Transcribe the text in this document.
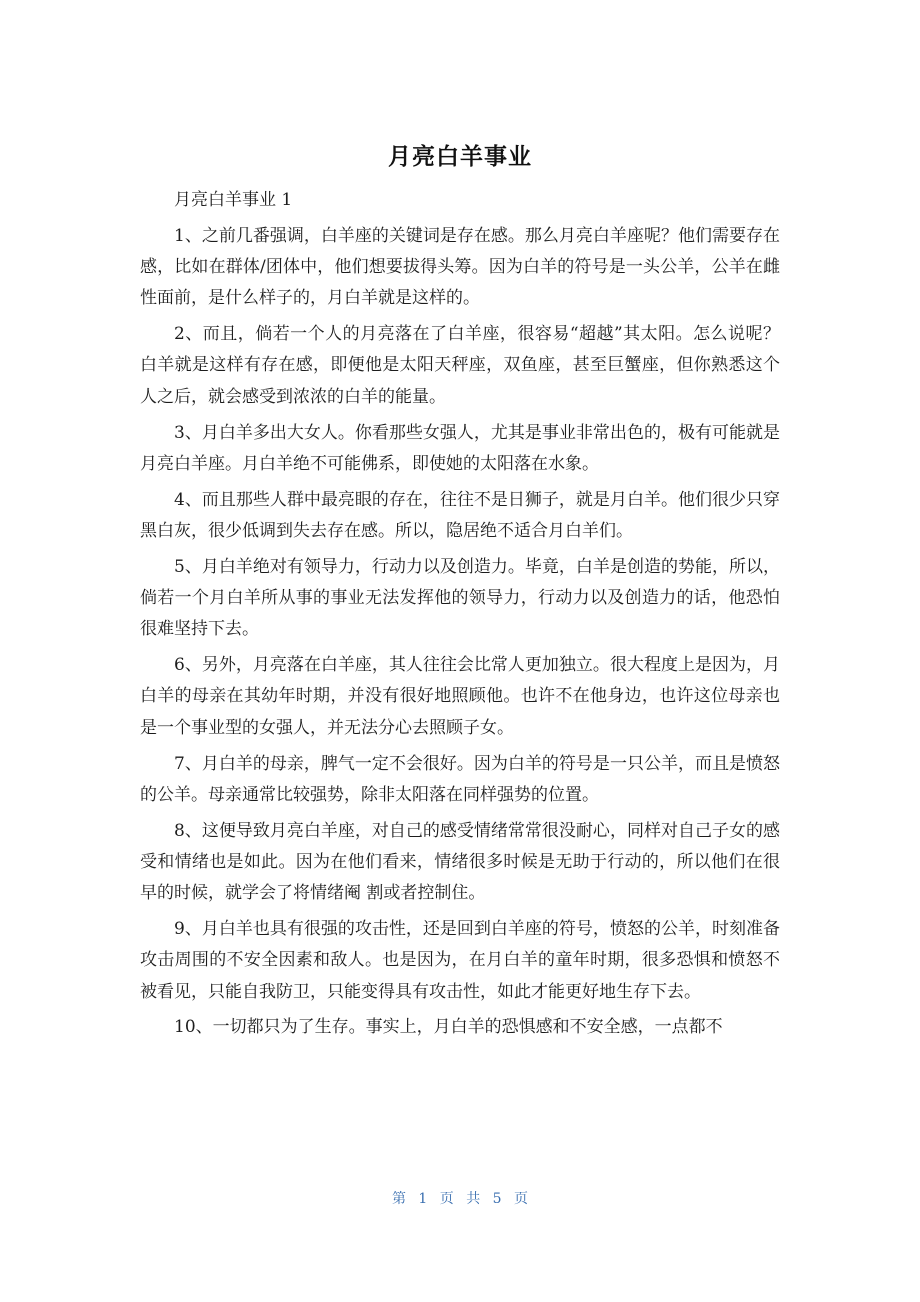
月亮白羊事业

月亮白羊事业 1

1、之前几番强调，白羊座的关键词是存在感。那么月亮白羊座呢？他们需要存在感，比如在群体/团体中，他们想要拔得头筹。因为白羊的符号是一头公羊，公羊在雌性面前，是什么样子的，月白羊就是这样的。

2、而且，倘若一个人的月亮落在了白羊座，很容易“超越”其太阳。怎么说呢？白羊就是这样有存在感，即便他是太阳天秤座，双鱼座，甚至巨蟹座，但你熟悉这个人之后，就会感受到浓浓的白羊的能量。

3、月白羊多出大女人。你看那些女强人，尤其是事业非常出色的，极有可能就是月亮白羊座。月白羊绝不可能佛系，即使她的太阳落在水象。

4、而且那些人群中最亮眼的存在，往往不是日狮子，就是月白羊。他们很少只穿黑白灰，很少低调到失去存在感。所以，隐居绝不适合月白羊们。

5、月白羊绝对有领导力，行动力以及创造力。毕竟，白羊是创造的势能，所以，倘若一个月白羊所从事的事业无法发挥他的领导力，行动力以及创造力的话，他恐怕很难坚持下去。

6、另外，月亮落在白羊座，其人往往会比常人更加独立。很大程度上是因为，月白羊的母亲在其幼年时期，并没有很好地照顾他。也许不在他身边，也许这位母亲也是一个事业型的女强人，并无法分心去照顾子女。

7、月白羊的母亲，脾气一定不会很好。因为白羊的符号是一只公羊，而且是愤怒的公羊。母亲通常比较强势，除非太阳落在同样强势的位置。

8、这便导致月亮白羊座，对自己的感受情绪常常很没耐心，同样对自己子女的感受和情绪也是如此。因为在他们看来，情绪很多时候是无助于行动的，所以他们在很早的时候，就学会了将情绪阉 割或者控制住。

9、月白羊也具有很强的攻击性，还是回到白羊座的符号，愤怒的公羊，时刻准备攻击周围的不安全因素和敌人。也是因为，在月白羊的童年时期，很多恐惧和愤怒不被看见，只能自我防卫，只能变得具有攻击性，如此才能更好地生存下去。

10、一切都只为了生存。事实上，月白羊的恐惧感和不安全感，一点都不

第 1 页 共 5 页
